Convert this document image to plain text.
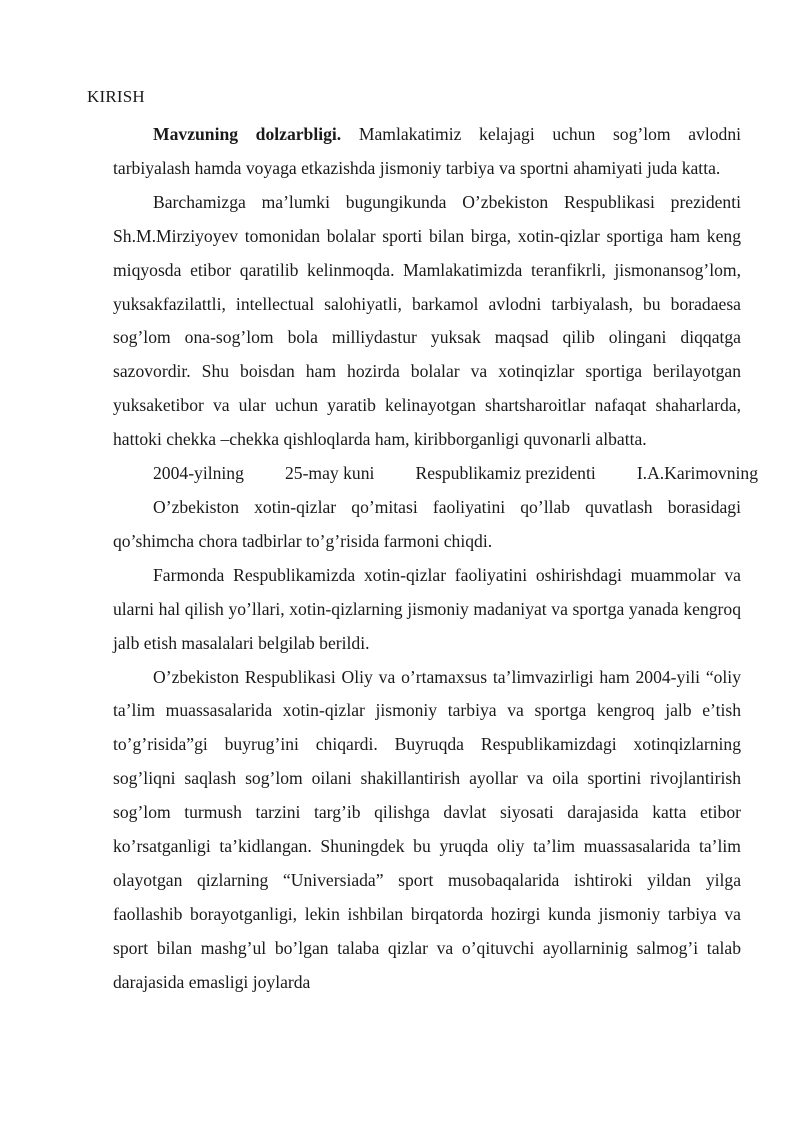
KIRISH

Mavzuning dolzarbligi. Mamlakatimiz kelajagi uchun sog’lom avlodni tarbiyalash hamda voyaga etkazishda jismoniy tarbiya va sportni ahamiyati juda katta.

Barchamizga ma’lumki bugungikunda O’zbekiston Respublikasi prezidenti Sh.M.Mirziyoyev tomonidan bolalar sporti bilan birga, xotin-qizlar sportiga ham keng miqyosda etibor qaratilib kelinmoqda. Mamlakatimizda teranfikrli, jismonansog’lom, yuksakfazilattli, intellectual salohiyatli, barkamol avlodni tarbiyalash, bu boradaesa sog’lom ona-sog’lom bola milliydastur yuksak maqsad qilib olingani diqqatga sazovordir. Shu boisdan ham hozirda bolalar va xotinqizlar sportiga berilayotgan yuksaketibor va ular uchun yaratib kelinayotgan shartsharoitlar nafaqat shaharlarda, hattoki chekka –chekka qishloqlarda ham, kiribborganligi quvonarli albatta.

2004-yilning 25-may kuni Respublikamiz prezidenti I.A.Karimovning

O’zbekiston xotin-qizlar qo’mitasi faoliyatini qo’llab quvatlash borasidagi qo’shimcha chora tadbirlar to’g’risida farmoni chiqdi.

Farmonda Respublikamizda xotin-qizlar faoliyatini oshirishdagi muammolar va ularni hal qilish yo’llari, xotin-qizlarning jismoniy madaniyat va sportga yanada kengroq jalb etish masalalari belgilab berildi.

O’zbekiston Respublikasi Oliy va o’rtamaxsus ta’limvazirligi ham 2004-yili “oliy ta’lim muassasalarida xotin-qizlar jismoniy tarbiya va sportga kengroq jalb e’tish to’g’risida”gi buyrug’ini chiqardi. Buyruqda Respublikamizdagi xotinqizlarning sog’liqni saqlash sog’lom oilani shakillantirish ayollar va oila sportini rivojlantirish sog’lom turmush tarzini targ’ib qilishga davlat siyosati darajasida katta etibor ko’rsatganligi ta’kidlangan. Shuningdek bu yruqda oliy ta’lim muassasalarida ta’lim olayotgan qizlarning “Universiada” sport musobaqalarida ishtiroki yildan yilga faollashib borayotganligi, lekin ishbilan birqatorda hozirgi kunda jismoniy tarbiya va sport bilan mashg’ul bo’lgan talaba qizlar va o’qituvchi ayollarninig salmog’i talab darajasida emasligi joylarda
